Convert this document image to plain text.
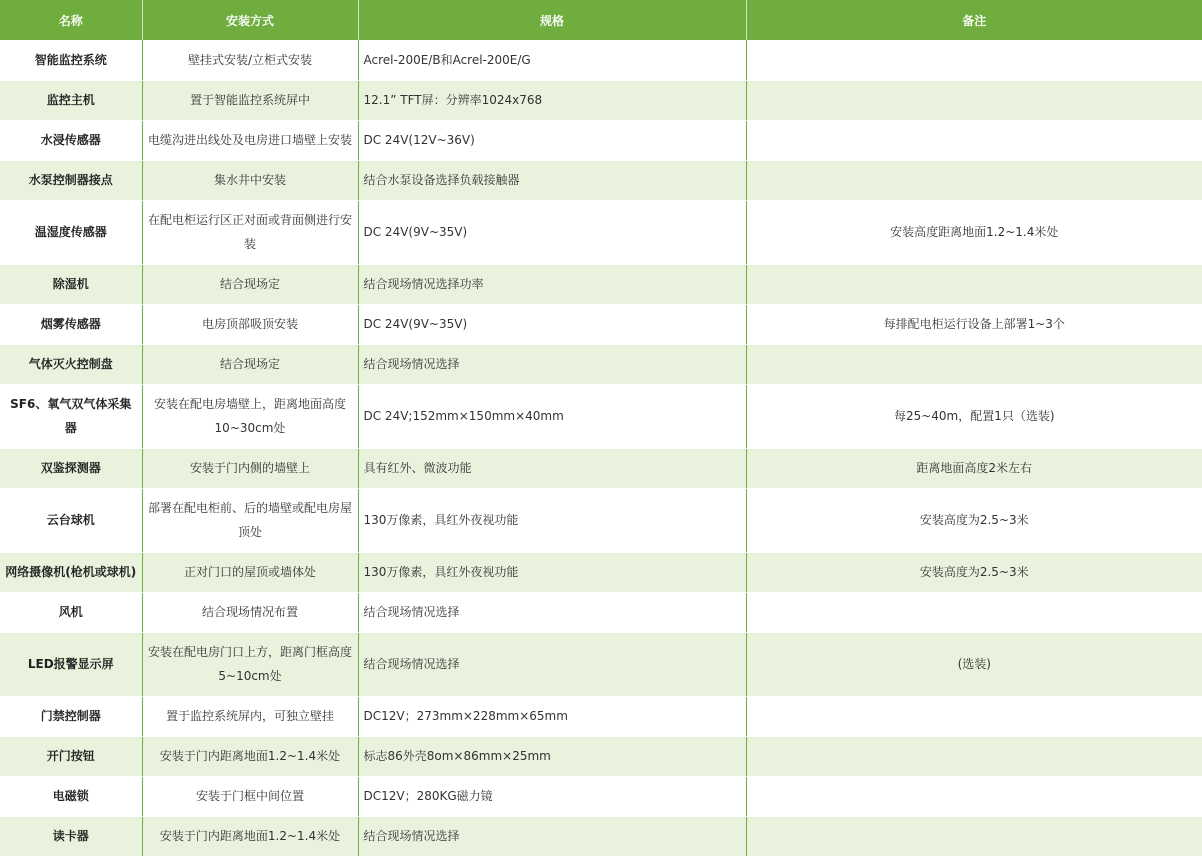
名称	安装方式	规格	备注
智能监控系统	壁挂式安装/立柜式安装	Acrel-200E/B和Acrel-200E/G	
监控主机	置于智能监控系统屏中	12.1” TFT屏：分辨率1024x768	
水浸传感器	电缆沟进出线处及电房进口墙壁上安装	DC 24V(12V~36V)	
水泵控制器接点	集水井中安装	结合水泵设备选择负载接触器	
温湿度传感器	在配电柜运行区正对面或背面侧进行安装	DC 24V(9V~35V)	安装高度距离地面1.2~1.4米处
除湿机	结合现场定	结合现场情况选择功率	
烟雾传感器	电房顶部吸顶安装	DC 24V(9V~35V)	每排配电柜运行设备上部署1~3个
气体灭火控制盘	结合现场定	结合现场情况选择	
SF6、氧气双气体采集器	安装在配电房墙壁上，距离地面高度10~30cm处	DC 24V;152mm×150mm×40mm	每25~40m，配置1只（选装)
双鉴探测器	安装于门内侧的墙壁上	具有红外、微波功能	距离地面高度2米左右
云台球机	部署在配电柜前、后的墙壁或配电房屋顶处	130万像素，具红外夜视功能	安装高度为2.5~3米
网络摄像机(枪机或球机)	正对门口的屋顶或墙体处	130万像素，具红外夜视功能	安装高度为2.5~3米
风机	结合现场情况布置	结合现场情况选择	
LED报警显示屏	安装在配电房门口上方，距离门框高度5~10cm处	结合现场情况选择	(选装)
门禁控制器	置于监控系统屏内，可独立壁挂	DC12V；273mm×228mm×65mm	
开门按钮	安装于门内距离地面1.2~1.4米处	标志86外壳8om×86mm×25mm	
电磁锁	安装于门框中间位置	DC12V；280KG磁力镜	
读卡器	安装于门内距离地面1.2~1.4米处	结合现场情况选择	
